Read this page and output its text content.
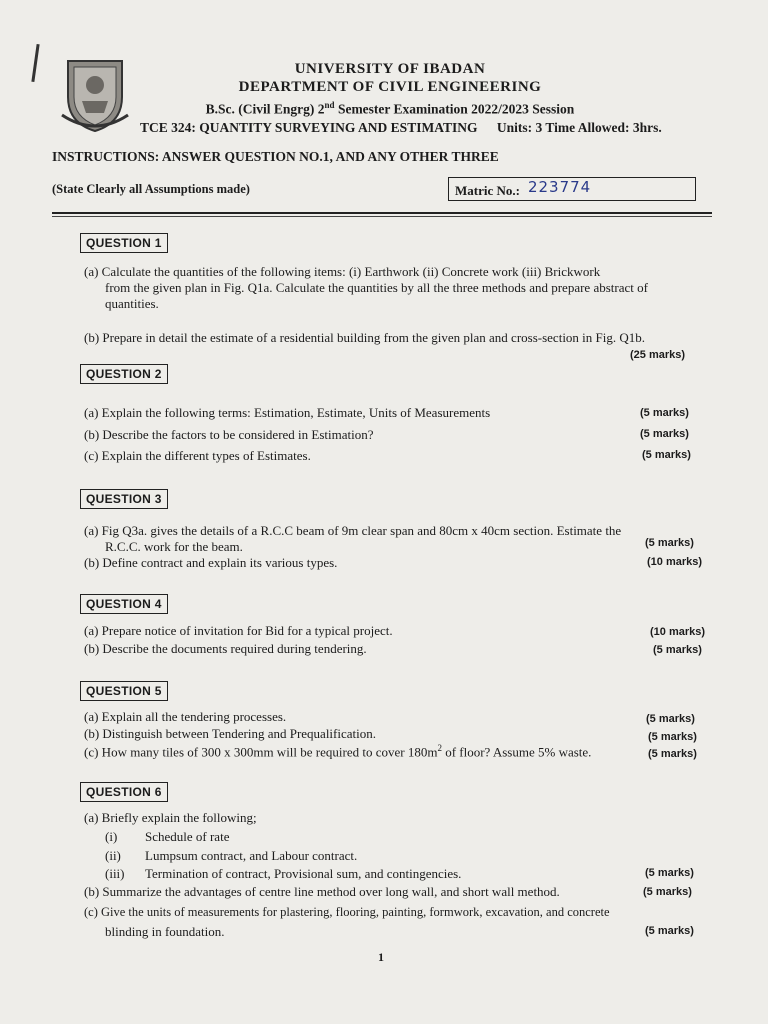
UNIVERSITY OF IBADAN
DEPARTMENT OF CIVIL ENGINEERING
B.Sc. (Civil Engrg) 2nd Semester Examination 2022/2023 Session
TCE 324: QUANTITY SURVEYING AND ESTIMATING Units: 3 Time Allowed: 3hrs.
INSTRUCTIONS: ANSWER QUESTION NO.1, AND ANY OTHER THREE
(State Clearly all Assumptions made)	Matric No.: 223774
QUESTION 1
(a) Calculate the quantities of the following items: (i) Earthwork (ii) Concrete work (iii) Brickwork
from the given plan in Fig. Q1a. Calculate the quantities by all the three methods and prepare abstract of
quantities.
(b) Prepare in detail the estimate of a residential building from the given plan and cross-section in Fig. Q1b.
(25 marks)
QUESTION 2
(a) Explain the following terms: Estimation, Estimate, Units of Measurements	(5 marks)
(b) Describe the factors to be considered in Estimation?	(5 marks)
(c) Explain the different types of Estimates.	(5 marks)
QUESTION 3
(a) Fig Q3a. gives the details of a R.C.C beam of 9m clear span and 80cm x 40cm section. Estimate the
R.C.C. work for the beam.	(5 marks)
(b) Define contract and explain its various types.	(10 marks)
QUESTION 4
(a) Prepare notice of invitation for Bid for a typical project.	(10 marks)
(b) Describe the documents required during tendering.	(5 marks)
QUESTION 5
(a) Explain all the tendering processes.	(5 marks)
(b) Distinguish between Tendering and Prequalification.	(5 marks)
(c) How many tiles of 300 x 300mm will be required to cover $180m^2$ of floor? Assume 5% waste.	(5 marks)
QUESTION 6
(a) Briefly explain the following;
(i) Schedule of rate
(ii) Lumpsum contract, and Labour contract.
(iii) Termination of contract, Provisional sum, and contingencies.	(5 marks)
(b) Summarize the advantages of centre line method over long wall, and short wall method.	(5 marks)
(c) Give the units of measurements for plastering, flooring, painting, formwork, excavation, and concrete
blinding in foundation.	(5 marks)
1
